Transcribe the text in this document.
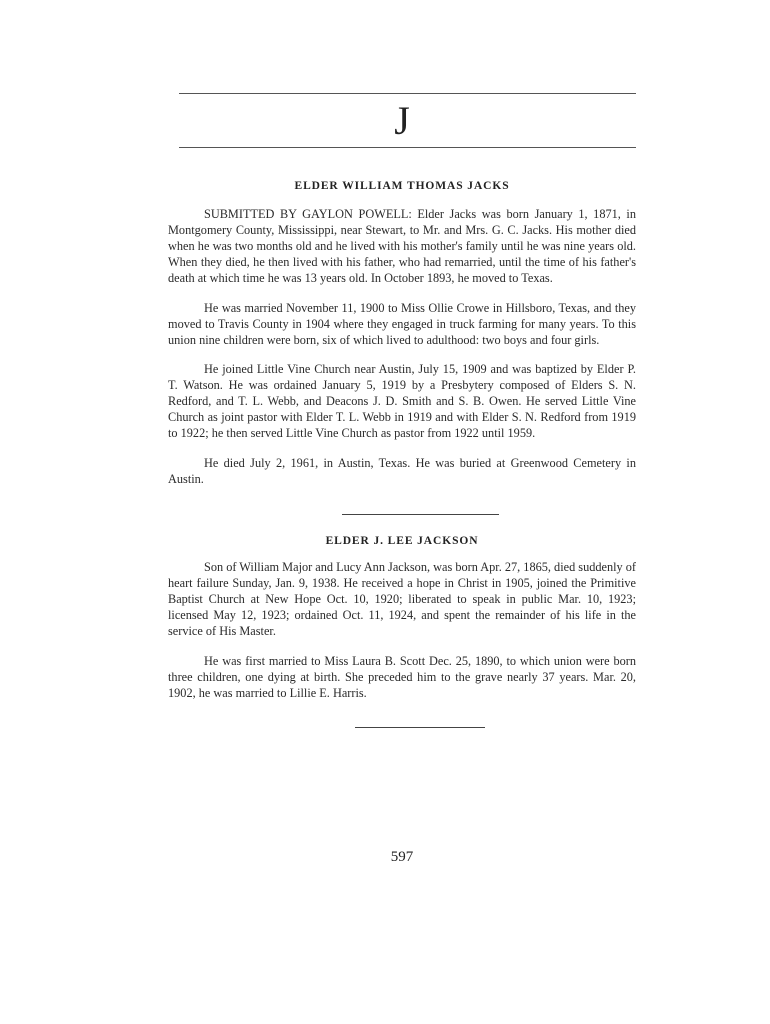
J
ELDER WILLIAM THOMAS JACKS

SUBMITTED BY GAYLON POWELL: Elder Jacks was born January 1, 1871, in Montgomery County, Mississippi, near Stewart, to Mr. and Mrs. G. C. Jacks. His mother died when he was two months old and he lived with his mother's family until he was nine years old. When they died, he then lived with his father, who had remarried, until the time of his father's death at which time he was 13 years old. In October 1893, he moved to Texas.

He was married November 11, 1900 to Miss Ollie Crowe in Hillsboro, Texas, and they moved to Travis County in 1904 where they engaged in truck farming for many years. To this union nine children were born, six of which lived to adulthood: two boys and four girls.

He joined Little Vine Church near Austin, July 15, 1909 and was baptized by Elder P. T. Watson. He was ordained January 5, 1919 by a Presbytery composed of Elders S. N. Redford, and T. L. Webb, and Deacons J. D. Smith and S. B. Owen. He served Little Vine Church as joint pastor with Elder T. L. Webb in 1919 and with Elder S. N. Redford from 1919 to 1922; he then served Little Vine Church as pastor from 1922 until 1959.

He died July 2, 1961, in Austin, Texas. He was buried at Greenwood Cemetery in Austin.

ELDER J. LEE JACKSON

Son of William Major and Lucy Ann Jackson, was born Apr. 27, 1865, died suddenly of heart failure Sunday, Jan. 9, 1938. He received a hope in Christ in 1905, joined the Primitive Baptist Church at New Hope Oct. 10, 1920; liberated to speak in public Mar. 10, 1923; licensed May 12, 1923; ordained Oct. 11, 1924, and spent the remainder of his life in the service of His Master.

He was first married to Miss Laura B. Scott Dec. 25, 1890, to which union were born three children, one dying at birth. She preceded him to the grave nearly 37 years. Mar. 20, 1902, he was married to Lillie E. Harris.

597
